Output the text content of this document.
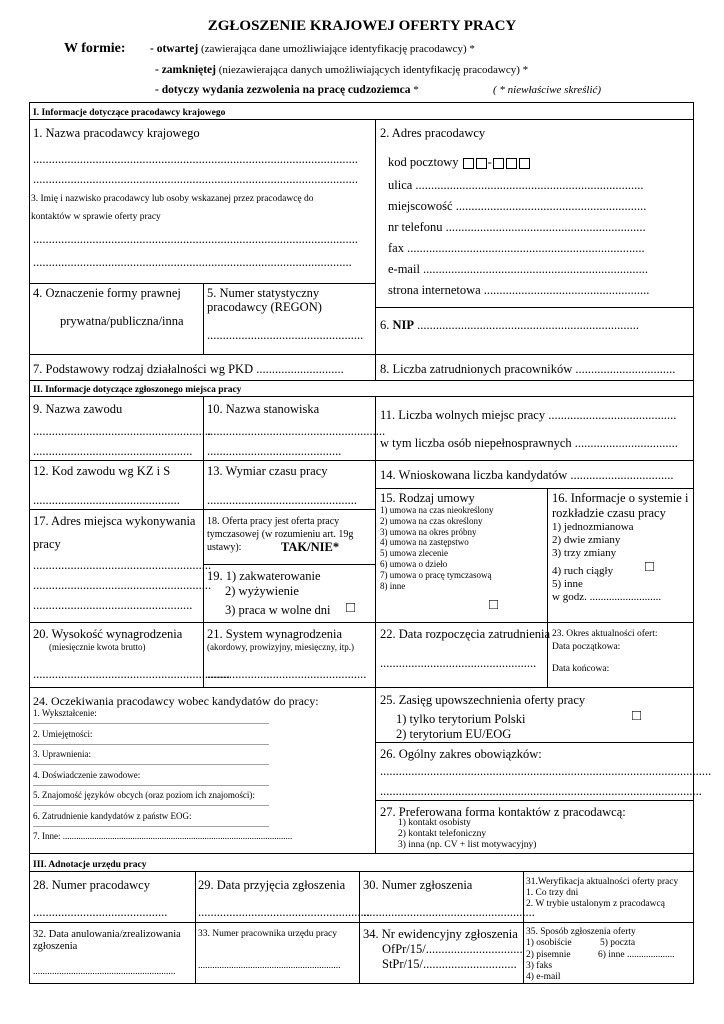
ZGŁOSZENIE KRAJOWEJ OFERTY PRACY
W formie: - otwartej (zawierająca dane umożliwiające identyfikację pracodawcy) *
- zamkniętej (niezawierająca danych umożliwiających identyfikację pracodawcy) *
- dotyczy wydania zezwolenia na pracę cudzoziemca *	( * niewłaściwe skreślić)
I. Informacje dotyczące pracodawcy krajowego
1. Nazwa pracodawcy krajowego
........................................................................................................
........................................................................................................
3. Imię i nazwisko pracodawcy lub osoby wskazanej przez pracodawcę do
kontaktów w sprawie oferty pracy
........................................................................................................
......................................................................................................
2. Adres pracodawcy
kod pocztowy -
ulica .........................................................................
miejscowość .............................................................
nr telefonu ................................................................
fax ............................................................................
e-mail ........................................................................
strona internetowa .....................................................
4. Oznaczenie formy prawnej
prywatna/publiczna/inna
5. Numer statystyczny
pracodawcy (REGON)
..................................................
6. NIP .......................................................................
7. Podstawowy rodzaj działalności wg PKD ............................	8. Liczba zatrudnionych pracowników ................................
II. Informacje dotyczące zgłoszonego miejsca pracy
9. Nazwa zawodu
.........................................................
...................................................
10. Nazwa stanowiska
.........................................................
...........................................
11. Liczba wolnych miejsc pracy .........................................
w tym liczba osób niepełnosprawnych .................................
12. Kod zawodu wg KZ i S
...............................................
13. Wymiar czasu pracy
................................................
14. Wnioskowana liczba kandydatów .................................
15. Rodzaj umowy
1) umowa na czas nieokreślony
2) umowa na czas określony
3) umowa na okres próbny
4) umowa na zastępstwo
5) umowa zlecenie
6) umowa o dzieło
7) umowa o pracę tymczasową
8) inne
□
16. Informacje o systemie i
rozkładzie czasu pracy
1) jednozmianowa
2) dwie zmiany
3) trzy zmiany
4) ruch ciągły □
5) inne
w godz. ..........................
17. Adres miejsca wykonywania
pracy
.........................................................
.........................................................
...................................................
18. Oferta pracy jest oferta pracy
tymczasowej (w rozumieniu art. 19g
ustawy):	TAK/NIE*
19. 1) zakwaterowanie
2) wyżywienie
3) praca w wolne dni □
20. Wysokość wynagrodzenia
(miesięcznie kwota brutto)
...............................................................
21. System wynagrodzenia
(akordowy, prowizyjny, miesięczny, itp.)
...................................................
22. Data rozpoczęcia zatrudnienia
..................................................
23. Okres aktualności ofert:
Data początkowa:
Data końcowa:
24. Oczekiwania pracodawcy wobec kandydatów do pracy:
1. Wykształcenie:
......................................................................................................................
2. Umiejętności:
......................................................................................................................
3. Uprawnienia:
......................................................................................................................
4. Doświadczenie zawodowe:
......................................................................................................................
5. Znajomość języków obcych (oraz poziom ich znajomości):
......................................................................................................................
6. Zatrudnienie kandydatów z państw EOG:
......................................................................................................................
7. Inne: ......................................................................................................
25. Zasięg upowszechnienia oferty pracy
1) tylko terytorium Polski
2) terytorium EU/EOG
□
26. Ogólny zakres obowiązków:
..........................................................................................................
.......................................................................................................
27. Preferowana forma kontaktów z pracodawcą:
1) kontakt osobisty
2) kontakt telefoniczny
3) inna (np. CV + list motywacyjny)
III. Adnotacje urzędu pracy
28. Numer pracodawcy
...........................................
29. Data przyjęcia zgłoszenia
.......................................................
30. Numer zgłoszenia
.......................................................
31.Weryfikacja aktualności oferty pracy
1. Co trzy dni
2. W trybie ustalonym z pracodawcą
32. Data anulowania/zrealizowania
zgłoszenia
............................................................
33. Numer pracownika urzędu pracy
............................................................
34. Nr ewidencyjny zgłoszenia
OfPr/15/...............................
StPr/15/..............................
35. Sposób zgłoszenia oferty
1) osobiście	5) poczta
2) pisemnie	6) inne ....................
3) faks
4) e-mail
